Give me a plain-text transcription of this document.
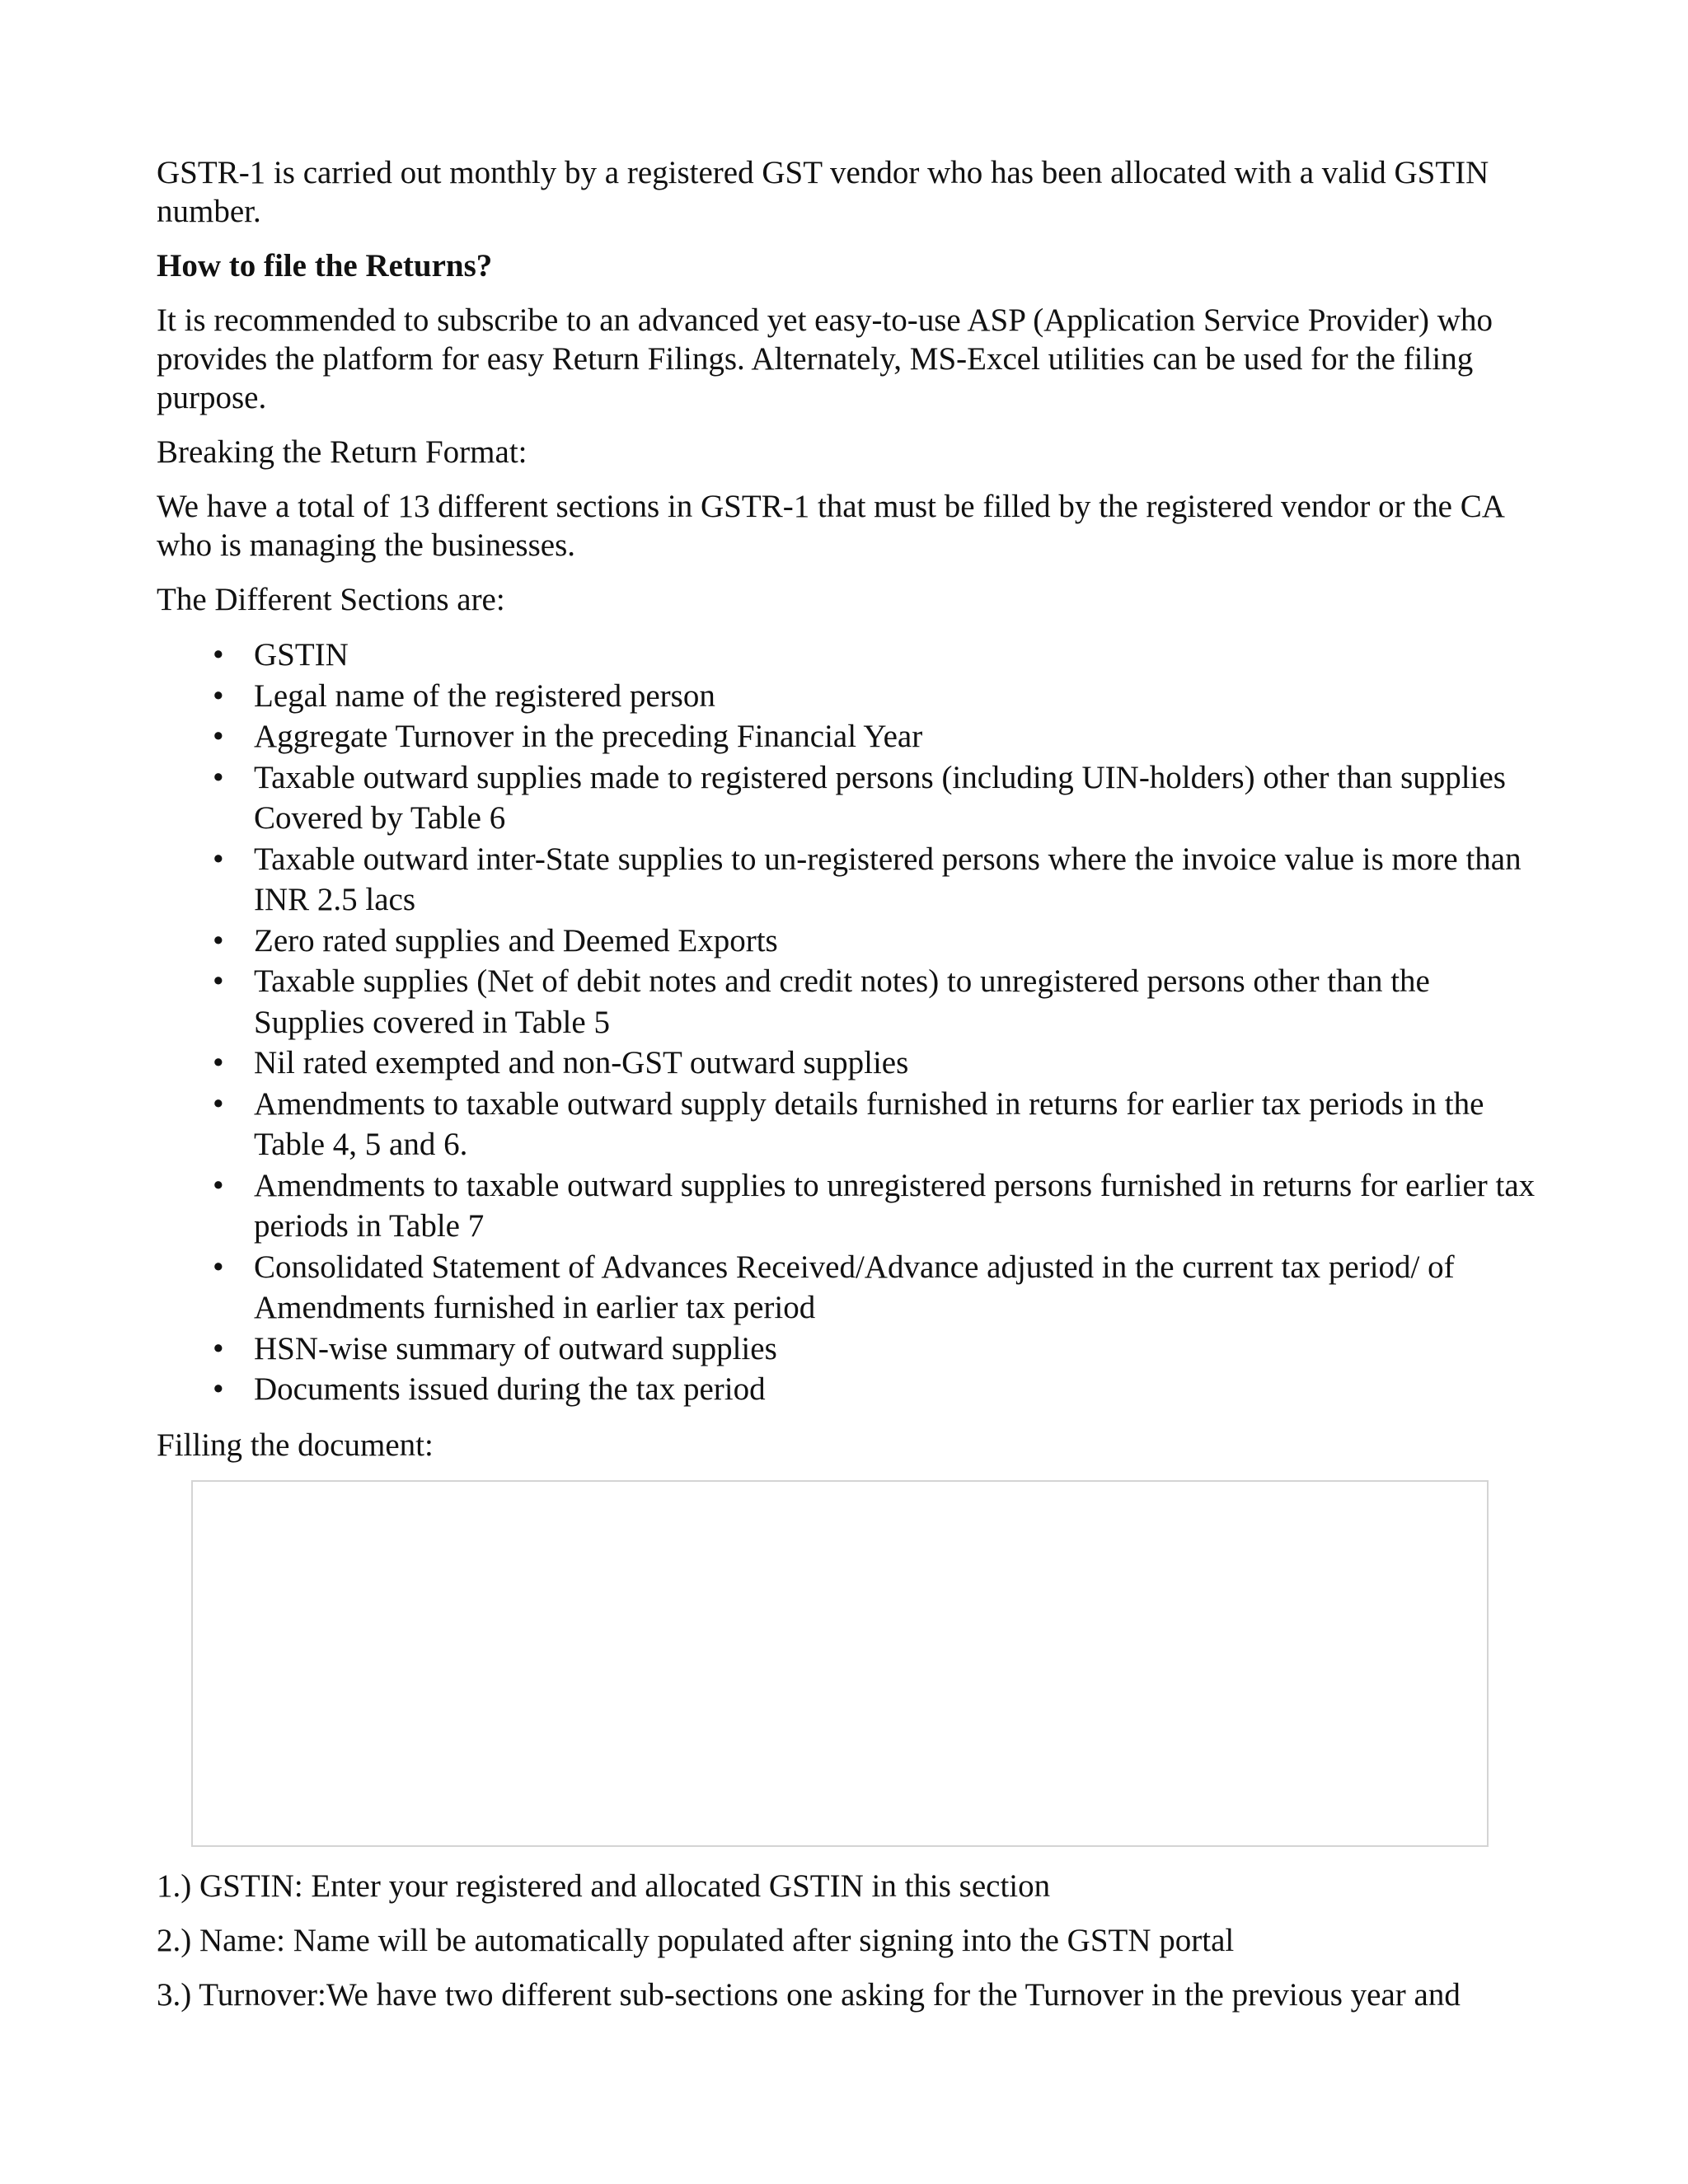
GSTR-1 is carried out monthly by a registered GST vendor who has been allocated with a valid GSTIN number.

How to file the Returns?

It is recommended to subscribe to an advanced yet easy-to-use ASP (Application Service Provider) who provides the platform for easy Return Filings. Alternately, MS-Excel utilities can be used for the filing purpose.

Breaking the Return Format:

We have a total of 13 different sections in GSTR-1 that must be filled by the registered vendor or the CA who is managing the businesses.

The Different Sections are:

• GSTIN
• Legal name of the registered person
• Aggregate Turnover in the preceding Financial Year
• Taxable outward supplies made to registered persons (including UIN-holders) other than supplies Covered by Table 6
• Taxable outward inter-State supplies to un-registered persons where the invoice value is more than INR 2.5 lacs
• Zero rated supplies and Deemed Exports
• Taxable supplies (Net of debit notes and credit notes) to unregistered persons other than the Supplies covered in Table 5
• Nil rated exempted and non-GST outward supplies
• Amendments to taxable outward supply details furnished in returns for earlier tax periods in the Table 4, 5 and 6.
• Amendments to taxable outward supplies to unregistered persons furnished in returns for earlier tax periods in Table 7
• Consolidated Statement of Advances Received/Advance adjusted in the current tax period/ of Amendments furnished in earlier tax period
• HSN-wise summary of outward supplies
• Documents issued during the tax period

Filling the document:

1.) GSTIN: Enter your registered and allocated GSTIN in this section

2.) Name: Name will be automatically populated after signing into the GSTN portal

3.) Turnover:We have two different sub-sections one asking for the Turnover in the previous year and
